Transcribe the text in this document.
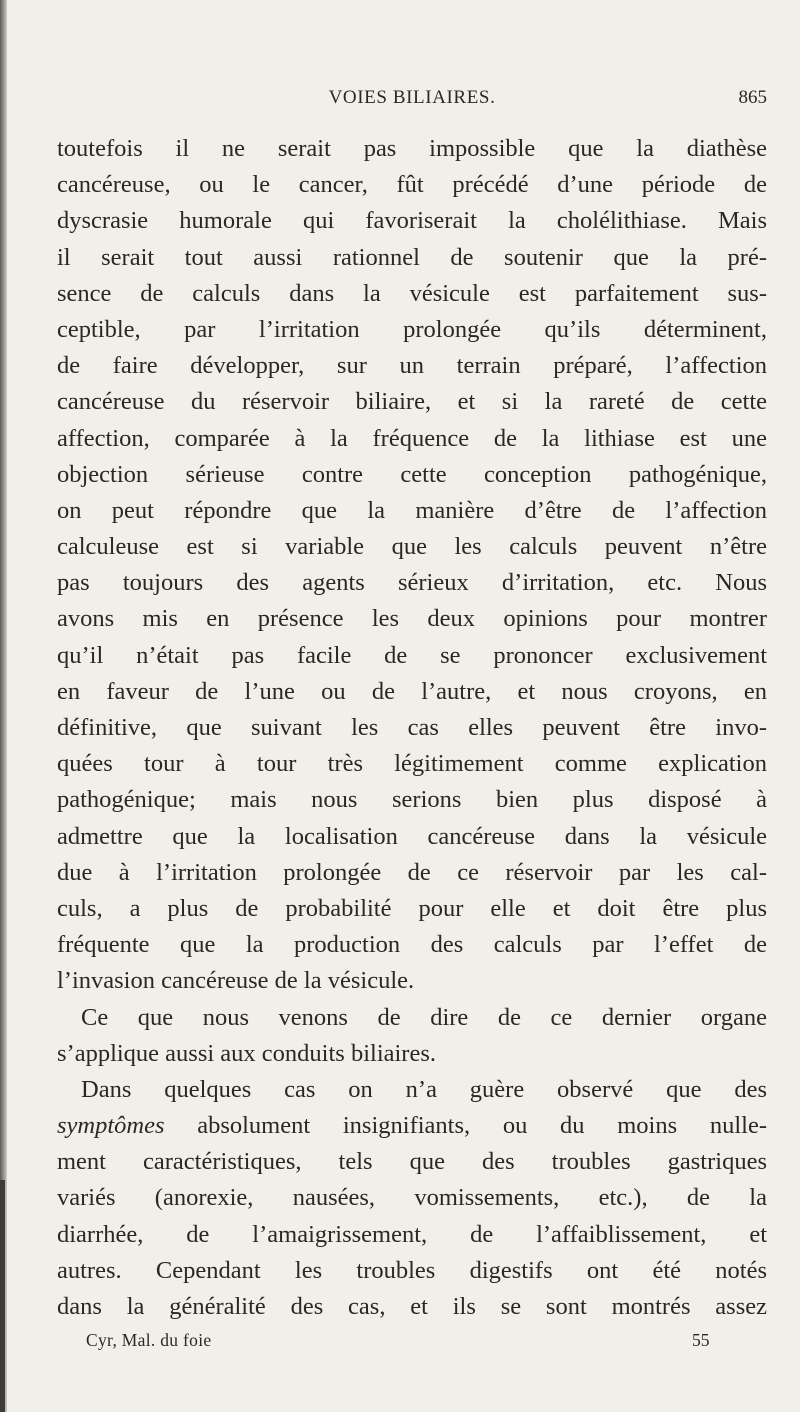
VOIES BILIAIRES.	865
toutefois il ne serait pas impossible que la diathèse
cancéreuse, ou le cancer, fût précédé d’une période de
dyscrasie humorale qui favoriserait la cholélithiase. Mais
il serait tout aussi rationnel de soutenir que la pré-
sence de calculs dans la vésicule est parfaitement sus-
ceptible, par l’irritation prolongée qu’ils déterminent,
de faire développer, sur un terrain préparé, l’affection
cancéreuse du réservoir biliaire, et si la rareté de cette
affection, comparée à la fréquence de la lithiase est une
objection sérieuse contre cette conception pathogénique,
on peut répondre que la manière d’être de l’affection
calculeuse est si variable que les calculs peuvent n’être
pas toujours des agents sérieux d’irritation, etc. Nous
avons mis en présence les deux opinions pour montrer
qu’il n’était pas facile de se prononcer exclusivement
en faveur de l’une ou de l’autre, et nous croyons, en
définitive, que suivant les cas elles peuvent être invo-
quées tour à tour très légitimement comme explication
pathogénique; mais nous serions bien plus disposé à
admettre que la localisation cancéreuse dans la vésicule
due à l’irritation prolongée de ce réservoir par les cal-
culs, a plus de probabilité pour elle et doit être plus
fréquente que la production des calculs par l’effet de
l’invasion cancéreuse de la vésicule.
Ce que nous venons de dire de ce dernier organe
s’applique aussi aux conduits biliaires.
Dans quelques cas on n’a guère observé que des
symptômes absolument insignifiants, ou du moins nulle-
ment caractéristiques, tels que des troubles gastriques
variés (anorexie, nausées, vomissements, etc.), de la
diarrhée, de l’amaigrissement, de l’affaiblissement, et
autres. Cependant les troubles digestifs ont été notés
dans la généralité des cas, et ils se sont montrés assez
Cyr, Mal. du foie	55
